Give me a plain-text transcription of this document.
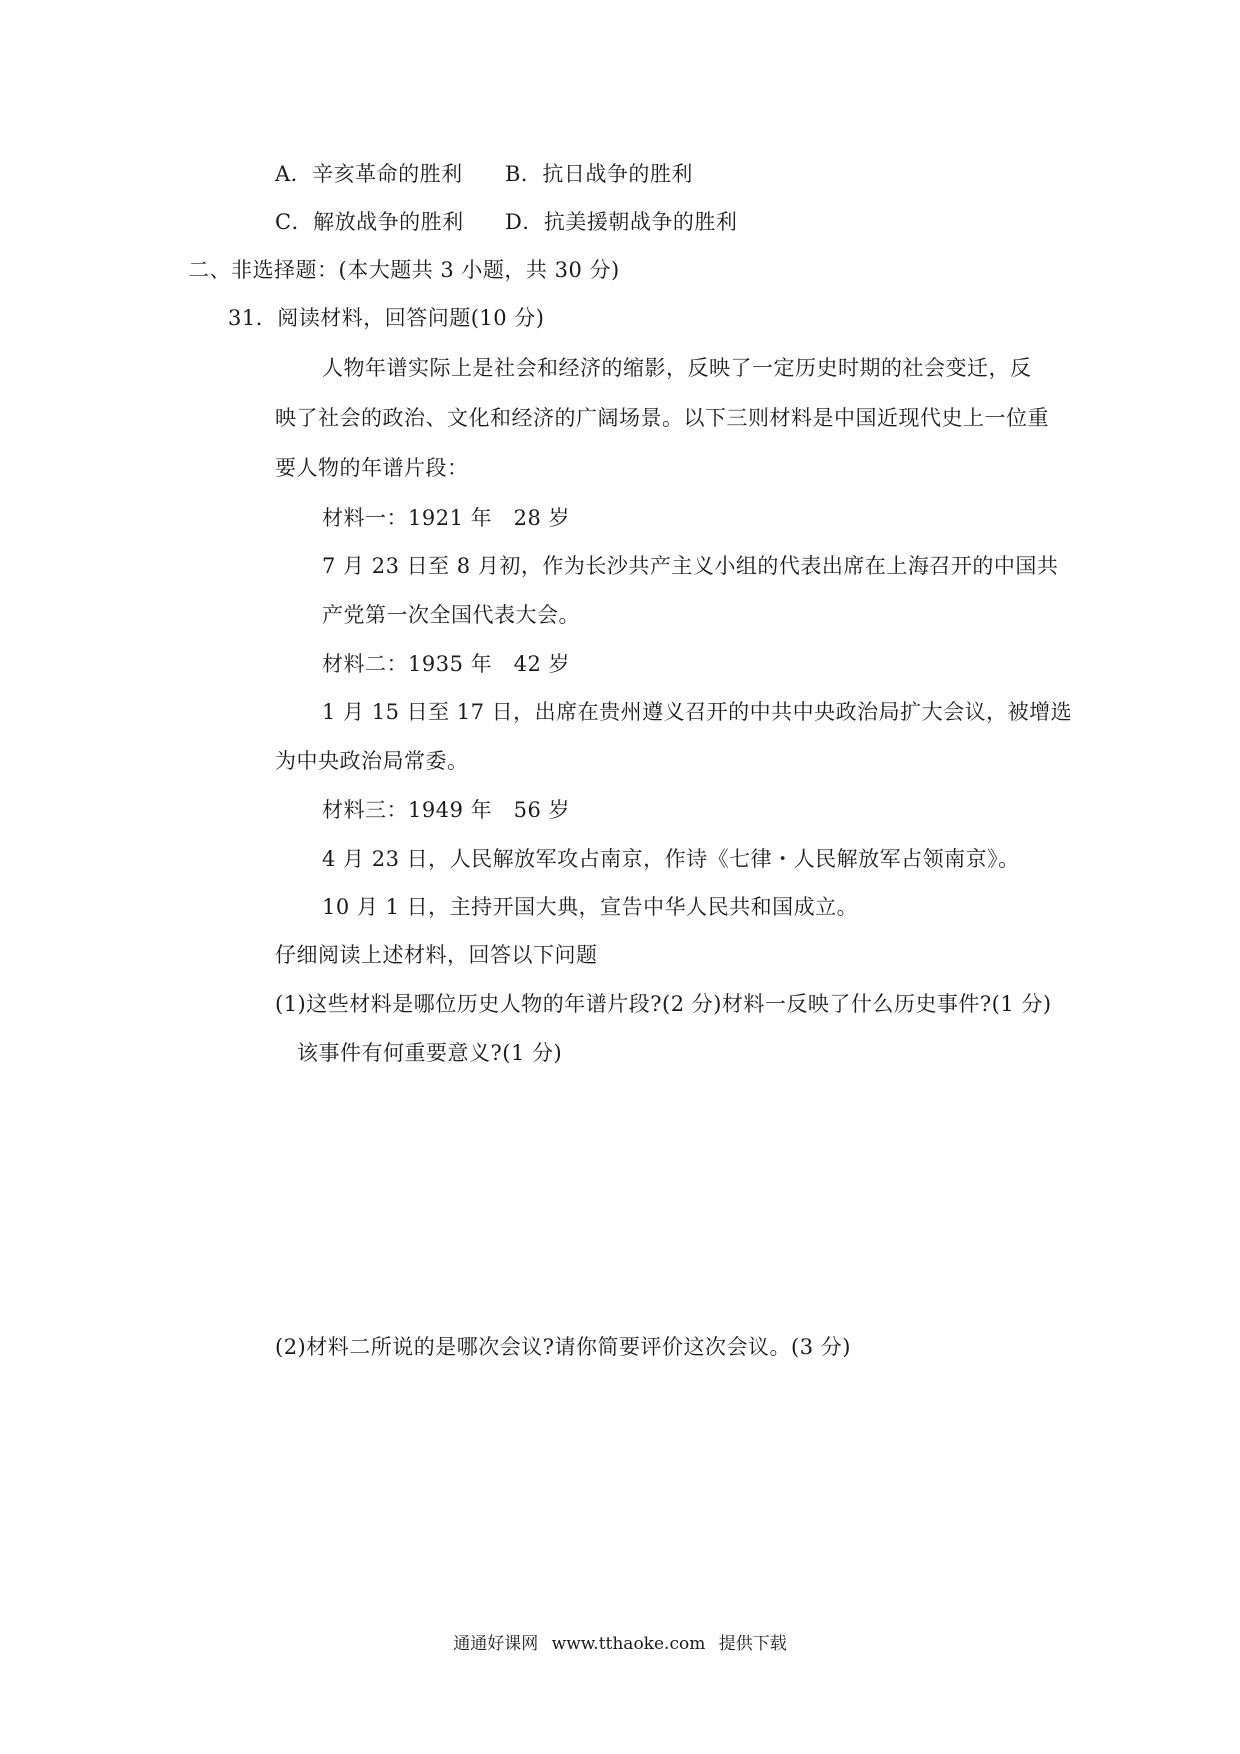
A．辛亥革命的胜利 B．抗日战争的胜利
C．解放战争的胜利 D．抗美援朝战争的胜利
二、非选择题：(本大题共 3 小题，共 30 分)
31．阅读材料，回答问题(10 分)
人物年谱实际上是社会和经济的缩影，反映了一定历史时期的社会变迁，反
映了社会的政治、文化和经济的广阔场景。以下三则材料是中国近现代史上一位重
要人物的年谱片段：
材料一：1921 年　28 岁
7 月 23 日至 8 月初，作为长沙共产主义小组的代表出席在上海召开的中国共
产党第一次全国代表大会。
材料二：1935 年　42 岁
1 月 15 日至 17 日，出席在贵州遵义召开的中共中央政治局扩大会议，被增选
为中央政治局常委。
材料三：1949 年　56 岁
4 月 23 日，人民解放军攻占南京，作诗《七律・人民解放军占领南京》。
10 月 1 日，主持开国大典，宣告中华人民共和国成立。
仔细阅读上述材料，回答以下问题
(1)这些材料是哪位历史人物的年谱片段?(2 分)材料一反映了什么历史事件?(1 分)
该事件有何重要意义?(1 分)
(2)材料二所说的是哪次会议?请你简要评价这次会议。(3 分)
通通好课网 www.tthaoke.com 提供下载
